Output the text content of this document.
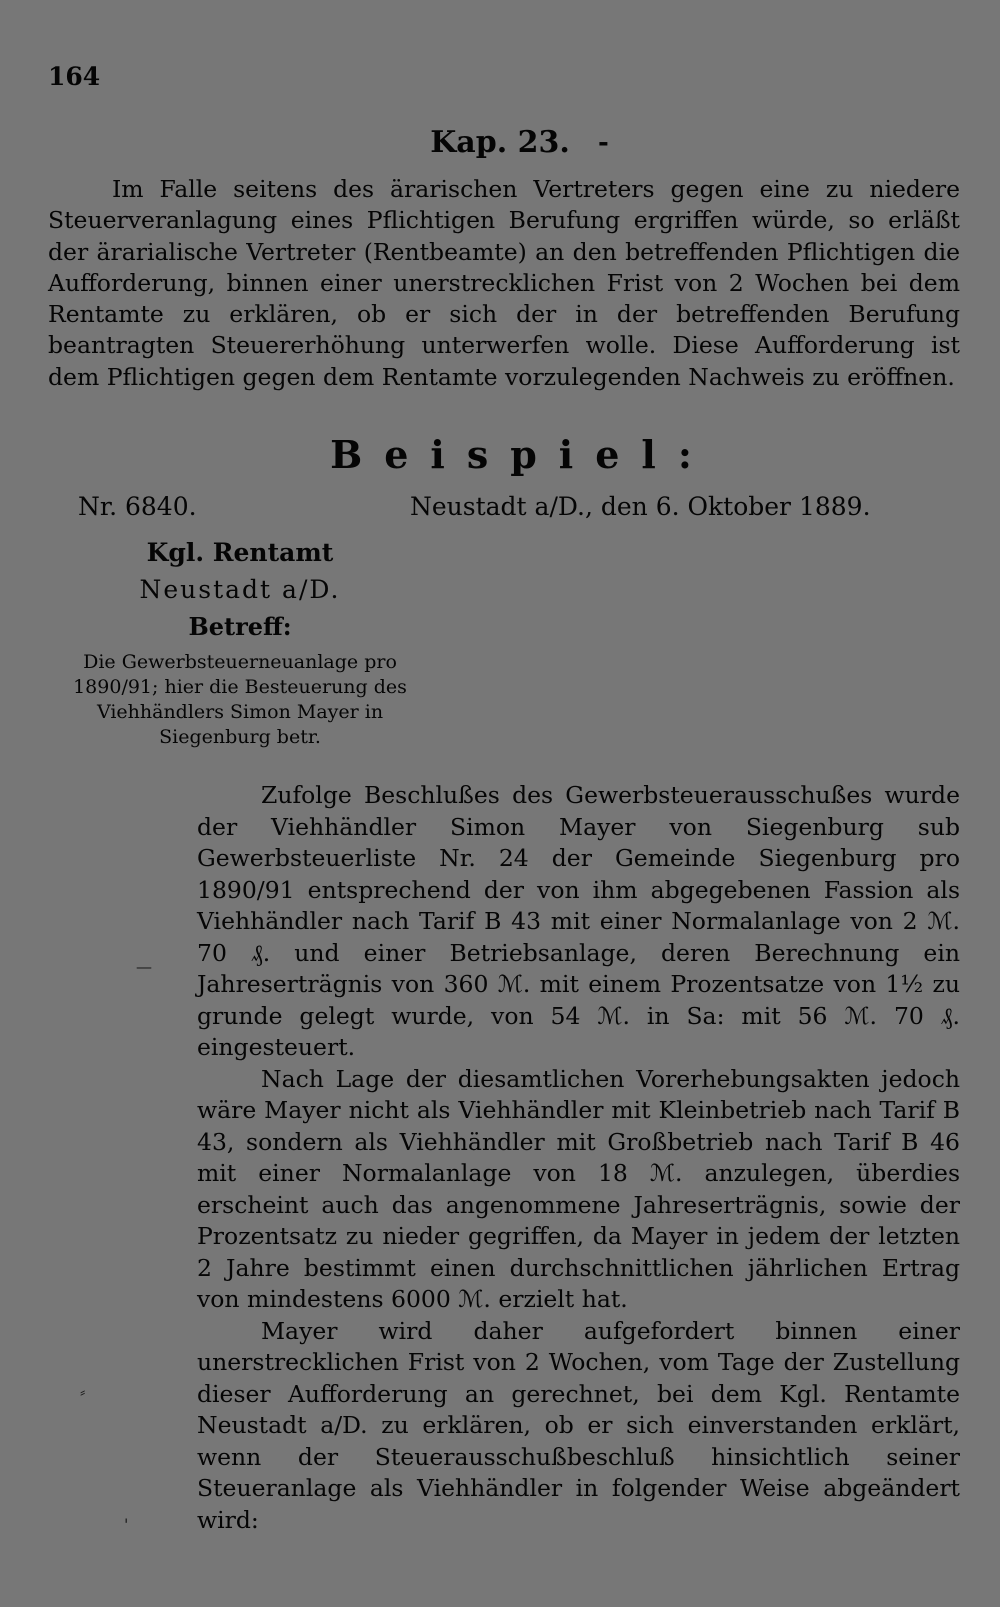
164
Kap. 23.	-

Im Falle seitens des ärarischen Vertreters gegen eine zu niedere Steuerveranlagung eines Pflichtigen Berufung ergriffen würde, so erläßt der ärarialische Vertreter (Rentbeamte) an den betreffenden Pflichtigen die Aufforderung, binnen einer unerstrecklichen Frist von 2 Wochen bei dem Rentamte zu erklären, ob er sich der in der betreffenden Berufung beantragten Steuererhöhung unterwerfen wolle. Diese Aufforderung ist dem Pflichtigen gegen dem Rentamte vorzulegenden Nachweis zu eröffnen.

Beispiel:
Nr. 6840.	Neustadt a/D., den 6. Oktober 1889.
Kgl. Rentamt
Neustadt a/D.
Betreff:

Die Gewerbsteuerneuanlage pro 1890/91; hier die Besteuerung des Viehhändlers Simon Mayer in Siegenburg betr.

Zufolge Beschlußes des Gewerbsteuerausschußes wurde der Viehhändler Simon Mayer von Siegenburg sub Gewerbsteuerliste Nr. 24 der Gemeinde Siegenburg pro 1890/91 entsprechend der von ihm abgegebenen Fassion als Viehhändler nach Tarif B 43 mit einer Normalanlage von 2 ℳ. 70 ₰. und einer Betriebsanlage, deren Berechnung ein Jahreserträgnis von 360 ℳ. mit einem Prozentsatze von 1½ zu grunde gelegt wurde, von 54 ℳ. in Sa: mit 56 ℳ. 70 ₰. eingesteuert.

Nach Lage der diesamtlichen Vorerhebungsakten jedoch wäre Mayer nicht als Viehhändler mit Kleinbetrieb nach Tarif B 43, sondern als Viehhändler mit Großbetrieb nach Tarif B 46 mit einer Normalanlage von 18 ℳ. anzulegen, überdies erscheint auch das angenommene Jahreserträgnis, sowie der Prozentsatz zu nieder gegriffen, da Mayer in jedem der letzten 2 Jahre bestimmt einen durchschnittlichen jährlichen Ertrag von mindestens 6000 ℳ. erzielt hat.

Mayer wird daher aufgefordert binnen einer unerstrecklichen Frist von 2 Wochen, vom Tage der Zustellung dieser Aufforderung an gerechnet, bei dem Kgl. Rentamte Neustadt a/D. zu erklären, ob er sich einverstanden erklärt, wenn der Steuerausschußbeschluß hinsichtlich seiner Steueranlage als Viehhändler in folgender Weise abgeändert wird:

—
⸗
'
